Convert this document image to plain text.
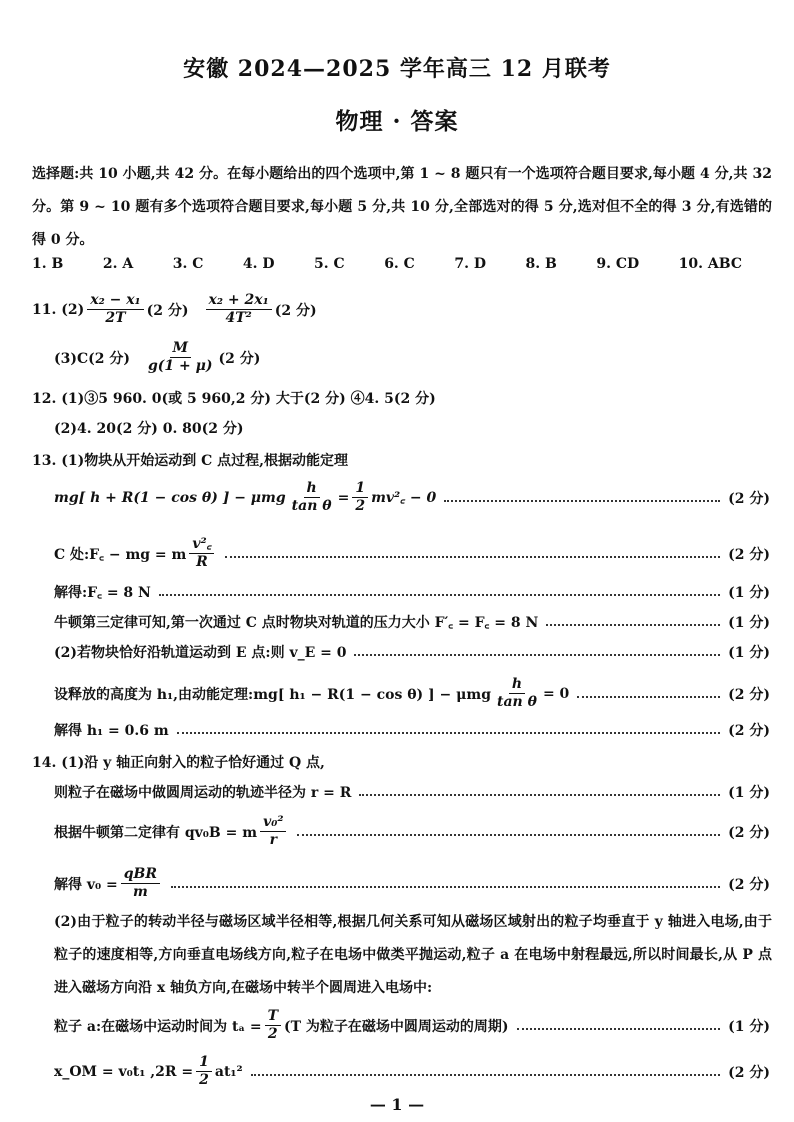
安徽 2024—2025 学年高三 12 月联考
物理 · 答案
选择题:共 10 小题,共 42 分。在每小题给出的四个选项中,第 1 ~ 8 题只有一个选项符合题目要求,每小题 4 分,共 32 分。第 9 ~ 10 题有多个选项符合题目要求,每小题 5 分,共 10 分,全部选对的得 5 分,选对但不全的得 3 分,有选错的得 0 分。
1. B	2. A	3. C	4. D	5. C	6. C	7. D	8. B	9. CD	10. ABC
11. $(2) \frac{\text{x₂ − x₁}}{2T} (2$ 分) $\frac{\text{x₂ + 2x₁}}{\text{4T²}} (2$ 分)
(3)C(2 分) $\frac{M}{g(1 + \mu)} (2$ 分)
12. (1)③5 960. 0(或 5 960,2 分) 大于(2 分) ④4. 5(2 分)
(2)4. 20(2 分) 0. 80(2 分)
13. (1)物块从开始运动到 C 点过程,根据动能定理
mg[ h + R(1 − cos θ) ] − μmg $\frac{h}{\text{tan θ}} = \frac{1}{2}$ mv²꜀ − 0	(2 分)
C 处:F꜀ − mg = m $\frac{\text{v²꜀}}{R}$	(2 分)
解得:F꜀ = 8 N	(1 分)
牛顿第三定律可知,第一次通过 C 点时物块对轨道的压力大小 F′꜀ = F꜀ = 8 N	(1 分)
(2)若物块恰好沿轨道运动到 E 点:则 v_E = 0	(1 分)
设释放的高度为 h₁,由动能定理:mg[ h₁ − R(1 − cos θ) ] − μmg $\frac{h}{\text{tan θ}} = 0$	(2 分)
解得 h₁ = 0.6 m	(2 分)
14. (1)沿 y 轴正向射入的粒子恰好通过 Q 点,
则粒子在磁场中做圆周运动的轨迹半径为 r = R	(1 分)
根据牛顿第二定律有 qv₀B = m $\frac{\text{v₀²}}{r}$	(2 分)
解得 $v_0 = \frac{\text{qBR}}{m}$	(2 分)
(2)由于粒子的转动半径与磁场区域半径相等,根据几何关系可知从磁场区域射出的粒子均垂直于 y 轴进入电场,由于粒子的速度相等,方向垂直电场线方向,粒子在电场中做类平抛运动,粒子 a 在电场中射程最远,所以时间最长,从 P 点进入磁场方向沿 x 轴负方向,在磁场中转半个圆周进入电场中:
粒子 a:在磁场中运动时间为 $t_a = \frac{T}{2} (T$ 为粒子在磁场中圆周运动的周期)	(1 分)
x_OM = v₀t₁ $,2R = \frac{1}{2} at_1^2$	(2 分)
— 1 —
